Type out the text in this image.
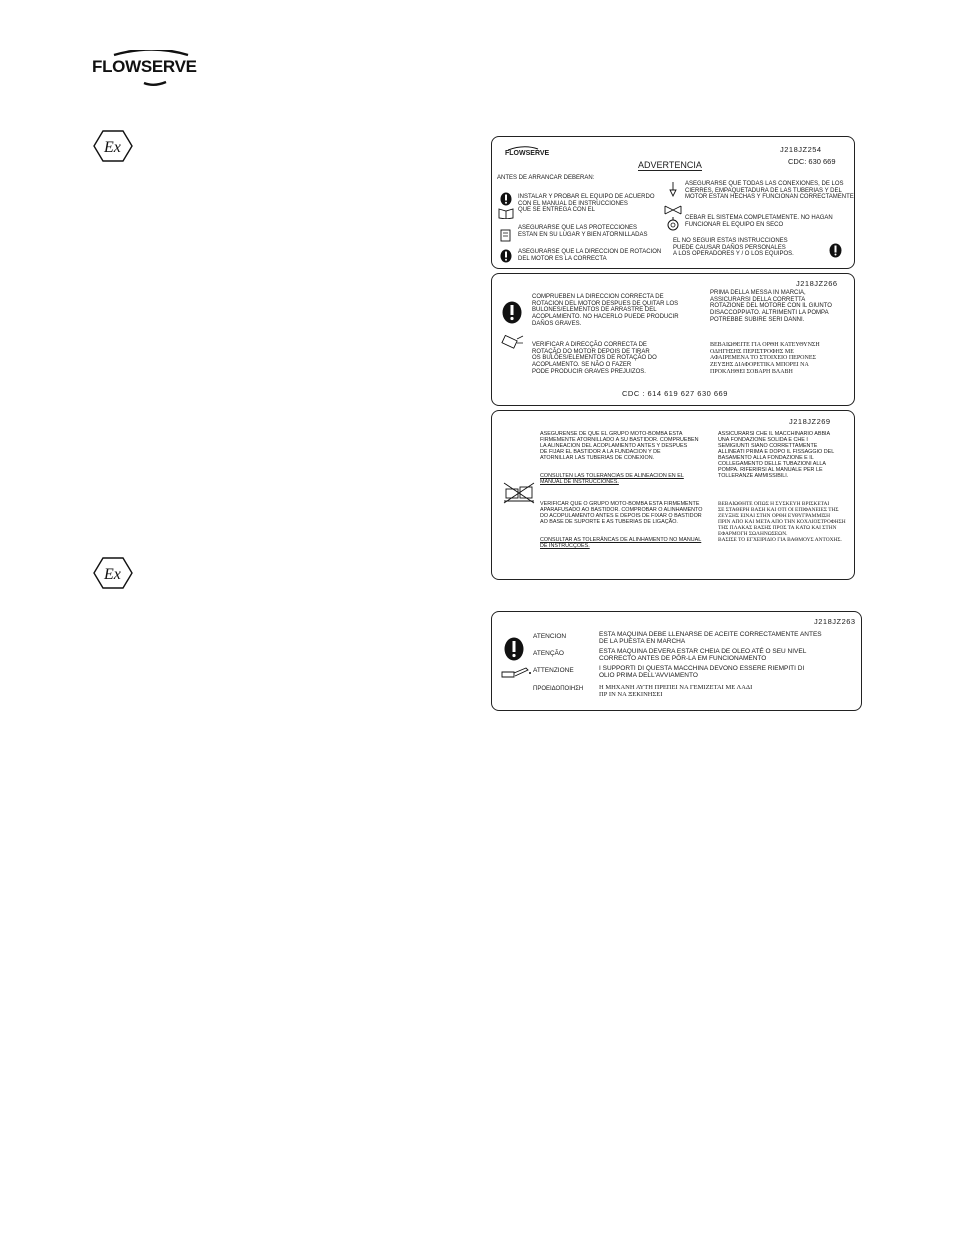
FLOWSERVE
Ex
Ex
FLOWSERVE	J218JZ254
ADVERTENCIA	CDC: 630 669
ANTES DE ARRANCAR DEBERAN:
INSTALAR Y PROBAR EL EQUIPO DE ACUERDO
CON EL MANUAL DE INSTRUCCIONES
QUE SE ENTREGA CON EL
ASEGURARSE QUE LAS PROTECCIONES
ESTAN EN SU LUGAR Y BIEN ATORNILLADAS
ASEGURARSE QUE LA DIRECCION DE ROTACION
DEL MOTOR ES LA CORRECTA
ASEGURARSE QUE TODAS LAS CONEXIONES, DE LOS
CIERRES, EMPAQUETADURA DE LAS TUBERIAS Y DEL
MOTOR ESTAN HECHAS Y FUNCIONAN CORRECTAMENTE
CEBAR EL SISTEMA COMPLETAMENTE. NO HAGAN
FUNCIONAR EL EQUIPO EN SECO
EL NO SEGUIR ESTAS INSTRUCCIONES
PUEDE CAUSAR DAÑOS PERSONALES
A LOS OPERADORES Y / O LOS EQUIPOS.
J218JZ266
COMPRUEBEN LA DIRECCION CORRECTA DE
ROTACION DEL MOTOR DESPUES DE QUITAR LOS
BULONES/ELEMENTOS DE ARRASTRE DEL
ACOPLAMIENTO. NO HACERLO PUEDE PRODUCIR
DAÑOS GRAVES.
PRIMA DELLA MESSA IN MARCIA,
ASSICURARSI DELLA CORRETTA
ROTAZIONE DEL MOTORE CON IL GIUNTO
DISACCOPPIATO. ALTRIMENTI LA POMPA
POTREBBE SUBIRE SERI DANNI.
VERIFICAR A DIRECÇÃO CORRECTA DE
ROTAÇÃO DO MOTOR DEPOIS DE TIRAR
OS BULÕES/ELEMENTOS DE ROTAÇÃO DO
ACOPLAMENTO. SE NÃO O FAZER
PODE PRODUCIR GRAVES PREJUIZOS.
ΒΕΒΑΙΩΘΕΙΤΕ ΓΙΑ ΟΡΘΗ ΚΑΤΕΥΘΥΝΣΗ
ΟΔΗΓΗΣΗΣ ΠΕΡΙΣΤΡΟΦΗΣ ΜΕ
ΑΦΑΙΡΕΜΕΝΑ ΤΟ ΣΤΟΙΧΕΙΟ ΠΕΡΟΝΕΣ
ΖΕΥΞΗΣ ΔΙΑΦΟΡΕΤΙΚΑ ΜΠΟΡΕΙ ΝΑ
ΠΡΟΚΛΗΘΕΙ ΣΟΒΑΡΗ ΒΛΑΒΗ
CDC : 614 619 627 630 669
J218JZ269
ASEGURENSE DE QUE EL GRUPO MOTO-BOMBA ESTA
FIRMEMENTE ATORNILLADO A SU BASTIDOR. COMPRUEBEN
LA ALINEACION DEL ACOPLAMIENTO ANTES Y DESPUES
DE FIJAR EL BASTIDOR A LA FUNDACION Y DE
ATORNILLAR LAS TUBERIAS DE CONEXION.
CONSULTEN LAS TOLERANCIAS DE ALINEACION EN EL
MANUAL DE INSTRUCCIONES.
VERIFICAR QUE O GRUPO MOTO-BOMBA ESTA FIRMEMENTE
APARAFUSADO AO BASTIDOR. COMPROBAR O ALINHAMENTO
DO ACOPULAMENTO ANTES E DEPOIS DE FIXAR O BASTIDOR
AO BASE DE SUPORTE E AS TUBERIAS DE LIGAÇÃO.
CONSULTAR AS TOLERÂNCAS DE ALINHAMENTO NO MANUAL
DE INSTRUCÇÕES.
ASSICURARSI CHE IL MACCHINARIO ABBIA
UNA FONDAZIONE SOLIDA E CHE I
SEMIGIUNTI SIANO CORRETTAMENTE
ALLINEATI PRIMA E DOPO IL FISSAGGIO DEL
BASAMENTO ALLA FONDAZIONE E IL
COLLEGAMENTO DELLE TUBAZIONI ALLA
POMPA. RIFERIRSI AL MANUALE PER LE
TOLLERANZE AMMISSIBILI.
ΒΕΒΑΙΩΘΗΤΕ ΟΠΩΣ Η ΣΥΣΚΕΥΗ ΒΡΙΣΚΕΤΑΙ
ΣΕ ΣΤΑΘΕΡΗ ΒΑΣΗ ΚΑΙ ΟΤΙ ΟΙ ΕΠΙΦΑΝΕΙΕΣ ΤΗΣ
ΖΕΥΞΗΣ ΕΙΝΑΙ ΣΤΗΝ ΟΡΘΗ ΕΥΘΥΓΡΑΜΜΙΣΗ
ΠΡΙΝ ΑΠΟ ΚΑΙ ΜΕΤΑ ΑΠΟ ΤΗΝ ΚΟΧΛΙΟΣΤΡΟΦΗΣΗ
ΤΗΣ ΠΛΑΚΑΣ ΒΑΣΗΣ ΠΡΟΣ ΤΑ ΚΑΤΩ ΚΑΙ ΣΤΗΝ
ΕΦΑΡΜΟΓΗ ΣΩΛΗΝΩΣΕΩΝ.
ΒΑΣΙΣΕ ΤΟ ΕΓΧΕΙΡΙΔΙΟ ΓΙΑ ΒΑΘΜΟΥΣ ΑΝΤΟΧΗΣ.
J218JZ263
ATENCION	ESTA MAQUINA DEBE LLENARSE DE ACEITE CORRECTAMENTE ANTES
DE LA PUESTA EN MARCHA
ATENÇÃO	ESTA MAQUINA DEVERA ESTAR CHEIA DE OLEO ATÉ O SEU NIVEL
CORRECTO ANTES DE PÔR-LA EM FUNCIONAMENTO
ATTENZIONE	I SUPPORTI DI QUESTA MACCHINA DEVONO ESSERE RIEMPITI DI
OLIO PRIMA DELL'AVVIAMENTO
ΠΡΟΕΙΔΟΠΟΙΗΣΗ Η ΜΗΧΑΝΗ ΑΥΤΗ ΠΡΕΠΕΙ ΝΑ ΓΕΜΙΖΕΤΑΙ ΜΕ ΛΑΔΙ
ΠΡ ΙΝ ΝΑ ΞΕΚΙΝΗΣΕΙ
